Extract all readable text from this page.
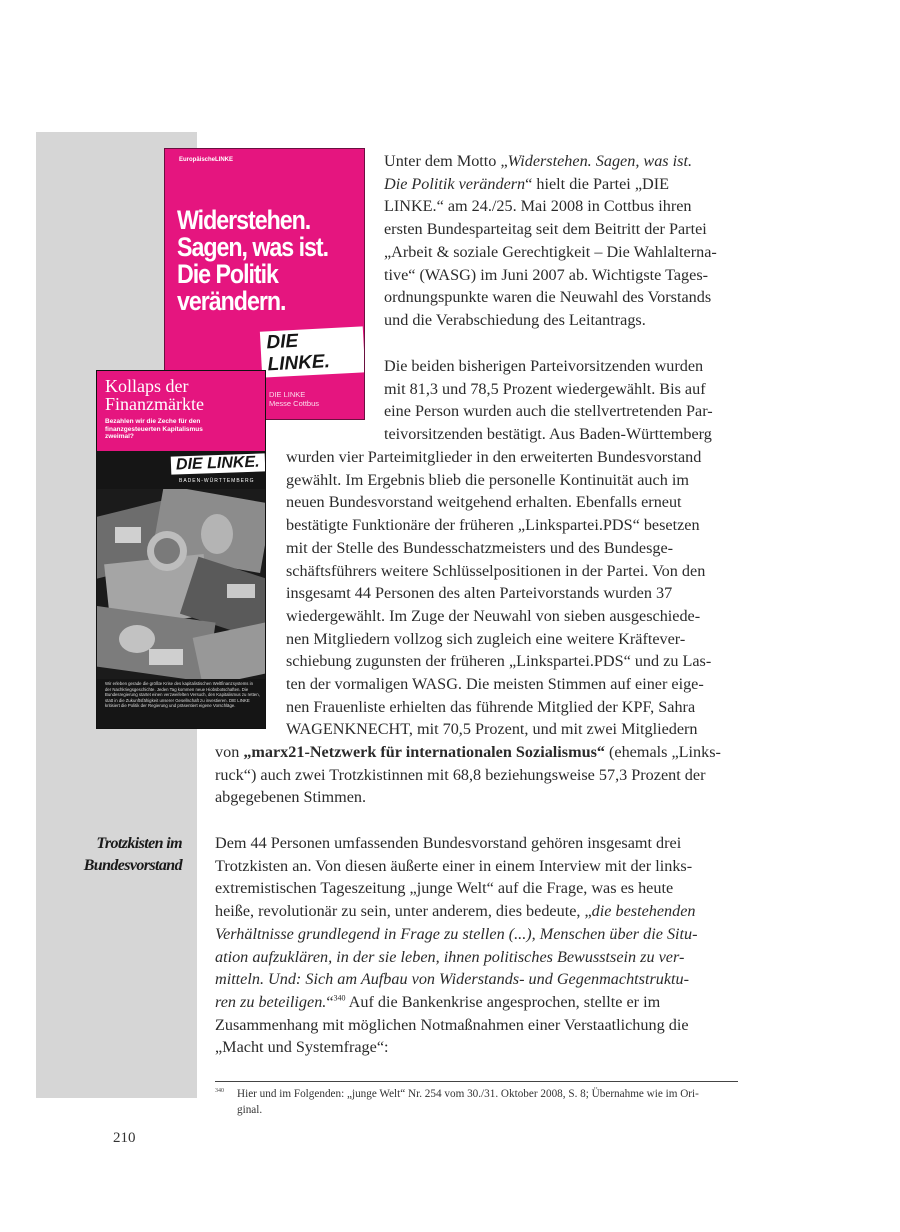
EuropäischeLINKE
Widerstehen.
Sagen, was ist.
Die Politik
verändern.
DIE LINKE.
DIE LINKE
Messe Cottbus
Kollaps der
Finanzmärkte
Bezahlen wir die Zeche für den
finanzgesteuerten Kapitalismus
zweimal?
DIE LINKE.
BADEN-WÜRTTEMBERG
Wir erleben gerade die größte Krise des kapitalistischen Weltfinanzsystems in der Nachkriegsgeschichte. Jeden Tag kommen neue Hiobsbotschaften. Die Bundesregierung startet einen verzweifelten Versuch, den Kapitalismus zu retten, statt in die Zukunftsfähigkeit unserer Gesellschaft zu investieren. DIE LINKE kritisiert die Politik der Regierung und präsentiert eigene Vorschläge.

Unter dem Motto „Widerstehen. Sagen, was ist.
Die Politik verändern“ hielt die Partei „DIE
LINKE.“ am 24./25. Mai 2008 in Cottbus ihren
ersten Bundesparteitag seit dem Beitritt der Partei
„Arbeit & soziale Gerechtigkeit – Die Wahlalterna-
tive“ (WASG) im Juni 2007 ab. Wichtigste Tages-
ordnungspunkte waren die Neuwahl des Vorstands
und die Verabschiedung des Leitantrags.

Die beiden bisherigen Parteivorsitzenden wurden
mit 81,3 und 78,5 Prozent wiedergewählt. Bis auf
eine Person wurden auch die stellvertretenden Par-
teivorsitzenden bestätigt. Aus Baden-Württemberg

wurden vier Parteimitglieder in den erweiterten Bundesvorstand
gewählt. Im Ergebnis blieb die personelle Kontinuität auch im
neuen Bundesvorstand weitgehend erhalten. Ebenfalls erneut
bestätigte Funktionäre der früheren „Linkspartei.PDS“ besetzen
mit der Stelle des Bundesschatzmeisters und des Bundesge-
schäftsführers weitere Schlüsselpositionen in der Partei. Von den
insgesamt 44 Personen des alten Parteivorstands wurden 37
wiedergewählt. Im Zuge der Neuwahl von sieben ausgeschiede-
nen Mitgliedern vollzog sich zugleich eine weitere Kräftever-
schiebung zugunsten der früheren „Linkspartei.PDS“ und zu Las-
ten der vormaligen WASG. Die meisten Stimmen auf einer eige-
nen Frauenliste erhielten das führende Mitglied der KPF, Sahra
WAGENKNECHT, mit 70,5 Prozent, und mit zwei Mitgliedern

von „marx21-Netzwerk für internationalen Sozialismus“ (ehemals „Links-
ruck“) auch zwei Trotzkistinnen mit 68,8 beziehungsweise 57,3 Prozent der
abgegebenen Stimmen.

Trotzkisten im
Bundesvorstand

Dem 44 Personen umfassenden Bundesvorstand gehören insgesamt drei
Trotzkisten an. Von diesen äußerte einer in einem Interview mit der links-
extremistischen Tageszeitung „junge Welt“ auf die Frage, was es heute
heiße, revolutionär zu sein, unter anderem, dies bedeute, „die bestehenden
Verhältnisse grundlegend in Frage zu stellen (...), Menschen über die Situ-
ation aufzuklären, in der sie leben, ihnen politisches Bewusstsein zu ver-
mitteln. Und: Sich am Aufbau von Widerstands- und Gegenmachtstruktu-
ren zu beteiligen.“$^{340}$ Auf die Bankenkrise angesprochen, stellte er im
Zusammenhang mit möglichen Notmaßnahmen einer Verstaatlichung die
„Macht und Systemfrage“:

340 Hier und im Folgenden: „junge Welt“ Nr. 254 vom 30./31. Oktober 2008, S. 8; Übernahme wie im Ori-
ginal.

210
